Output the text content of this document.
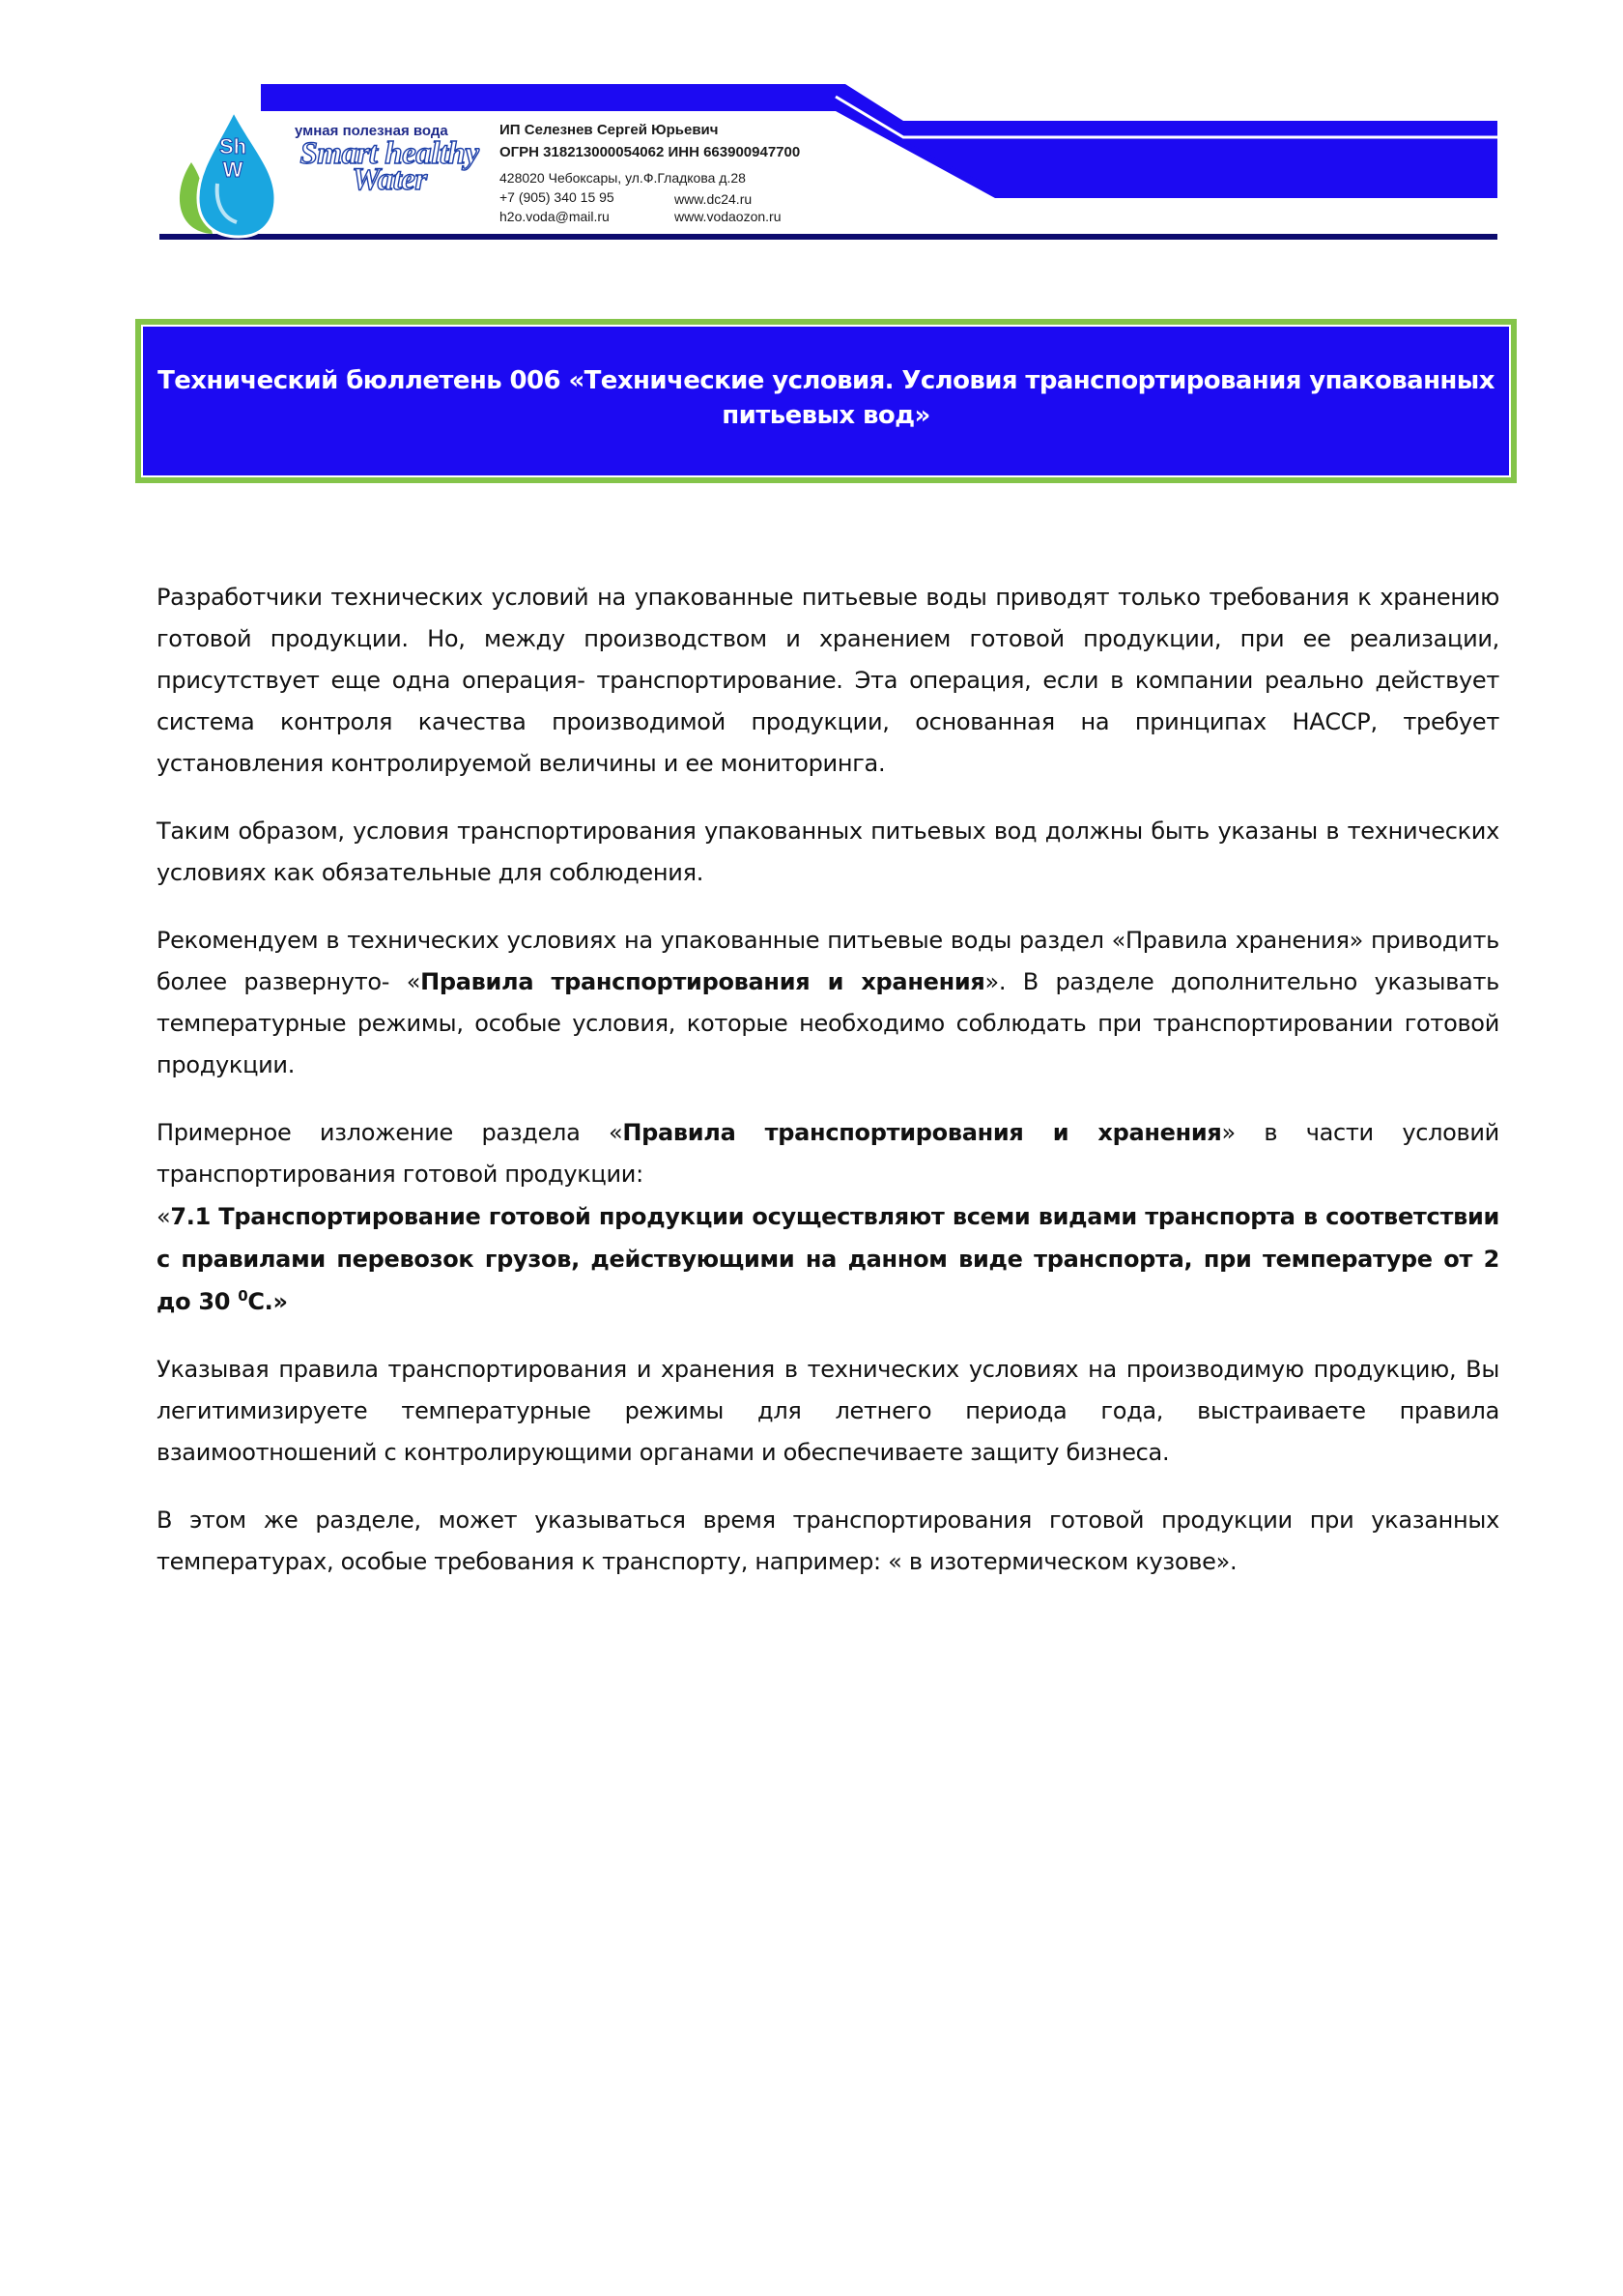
Sh
W
умная полезная вода
Smart healthy
Water
ИП Селезнев Сергей Юрьевич
ОГРН 318213000054062 ИНН 663900947700
428020 Чебоксары, ул.Ф.Гладкова д.28
+7 (905) 340 15 95	www.dc24.ru
h2o.voda@mail.ru	www.vodaozon.ru
Технический бюллетень 006 «Технические условия. Условия транспортирования упакованных питьевых вод»

Разработчики технических условий на упакованные питьевые воды приводят только требования к хранению готовой продукции. Но, между производством и хранением готовой продукции, при ее реализации, присутствует еще одна операция- транспортирование. Эта операция, если в компании реально действует система контроля качества производимой продукции, основанная на принципах НАССР, требует установления контролируемой величины и ее мониторинга.

Таким образом, условия транспортирования упакованных питьевых вод должны быть указаны в технических условиях как обязательные для соблюдения.

Рекомендуем в технических условиях на упакованные питьевые воды раздел «Правила хранения» приводить более развернуто- «Правила транспортирования и хранения». В разделе дополнительно указывать температурные режимы, особые условия, которые необходимо соблюдать при транспортировании готовой продукции.

Примерное изложение раздела «Правила транспортирования и хранения» в части условий транспортирования готовой продукции:

«7.1 Транспортирование готовой продукции осуществляют всеми видами транспорта в соответствии с правилами перевозок грузов, действующими на данном виде транспорта, при температуре от 2 до 30 $^0$С.»

Указывая правила транспортирования и хранения в технических условиях на производимую продукцию, Вы легитимизируете температурные режимы для летнего периода года, выстраиваете правила взаимоотношений с контролирующими органами и обеспечиваете защиту бизнеса.

В этом же разделе, может указываться время транспортирования готовой продукции при указанных температурах, особые требования к транспорту, например: « в изотермическом кузове».
